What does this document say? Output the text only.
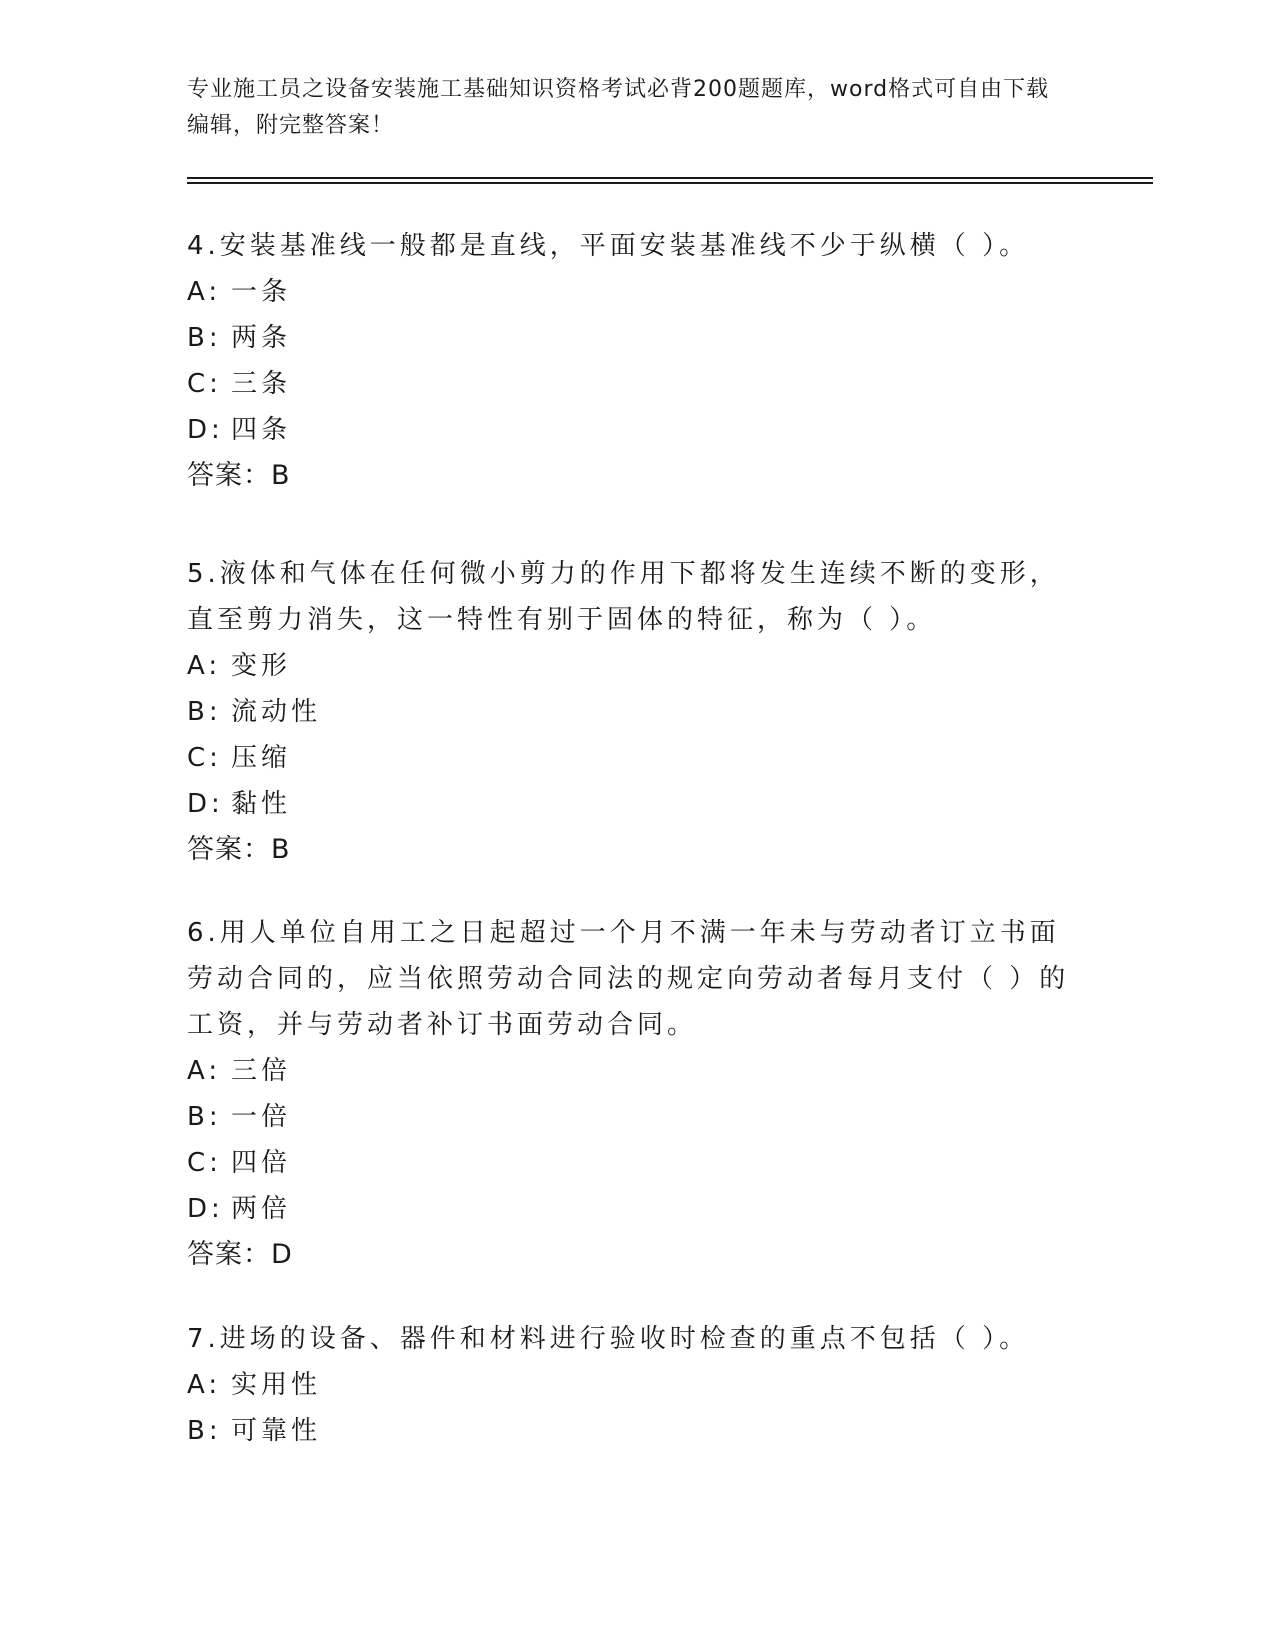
专业施工员之设备安装施工基础知识资格考试必背200题题库，word格式可自由下载编辑，附完整答案！

4.安装基准线一般都是直线，平面安装基准线不少于纵横（ ）。

A: 一条

B: 两条

C: 三条

D: 四条

答案：B

5.液体和气体在任何微小剪力的作用下都将发生连续不断的变形，直至剪力消失，这一特性有别于固体的特征，称为（ ）。

A: 变形

B: 流动性

C: 压缩

D: 黏性

答案：B

6.用人单位自用工之日起超过一个月不满一年未与劳动者订立书面劳动合同的，应当依照劳动合同法的规定向劳动者每月支付（ ）的工资，并与劳动者补订书面劳动合同。

A: 三倍

B: 一倍

C: 四倍

D: 两倍

答案：D

7.进场的设备、器件和材料进行验收时检查的重点不包括（ ）。

A: 实用性

B: 可靠性
